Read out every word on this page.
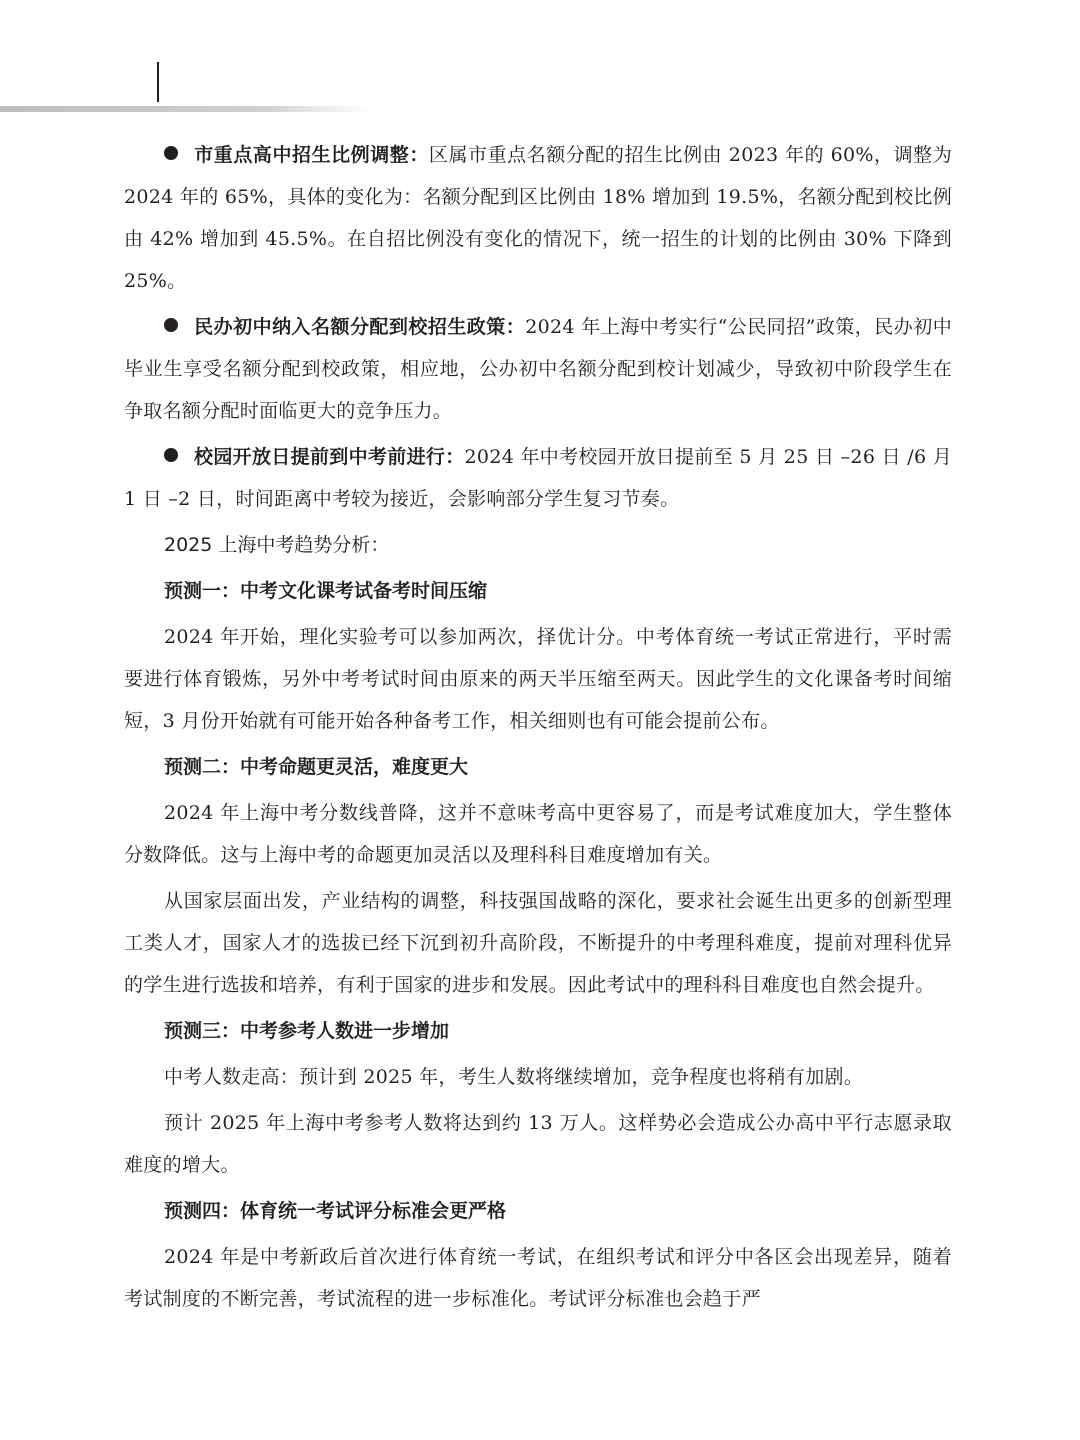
市重点高中招生比例调整：区属市重点名额分配的招生比例由 2023 年的 60%，调整为 2024 年的 65%，具体的变化为：名额分配到区比例由 18% 增加到 19.5%，名额分配到校比例由 42% 增加到 45.5%。在自招比例没有变化的情况下，统一招生的计划的比例由 30% 下降到 25%。

民办初中纳入名额分配到校招生政策：2024 年上海中考实行“公民同招”政策，民办初中毕业生享受名额分配到校政策，相应地，公办初中名额分配到校计划减少，导致初中阶段学生在争取名额分配时面临更大的竞争压力。

校园开放日提前到中考前进行：2024 年中考校园开放日提前至 5 月 25 日 –26 日 /6 月 1 日 –2 日，时间距离中考较为接近，会影响部分学生复习节奏。

2025 上海中考趋势分析：

预测一：中考文化课考试备考时间压缩

2024 年开始，理化实验考可以参加两次，择优计分。中考体育统一考试正常进行，平时需要进行体育锻炼，另外中考考试时间由原来的两天半压缩至两天。因此学生的文化课备考时间缩短，3 月份开始就有可能开始各种备考工作，相关细则也有可能会提前公布。

预测二：中考命题更灵活，难度更大

2024 年上海中考分数线普降，这并不意味考高中更容易了，而是考试难度加大，学生整体分数降低。这与上海中考的命题更加灵活以及理科科目难度增加有关。

从国家层面出发，产业结构的调整，科技强国战略的深化，要求社会诞生出更多的创新型理工类人才，国家人才的选拔已经下沉到初升高阶段，不断提升的中考理科难度，提前对理科优异的学生进行选拔和培养，有利于国家的进步和发展。因此考试中的理科科目难度也自然会提升。

预测三：中考参考人数进一步增加

中考人数走高：预计到 2025 年，考生人数将继续增加，竞争程度也将稍有加剧。

预计 2025 年上海中考参考人数将达到约 13 万人。这样势必会造成公办高中平行志愿录取难度的增大。

预测四：体育统一考试评分标准会更严格

2024 年是中考新政后首次进行体育统一考试，在组织考试和评分中各区会出现差异，随着考试制度的不断完善，考试流程的进一步标准化。考试评分标准也会趋于严
